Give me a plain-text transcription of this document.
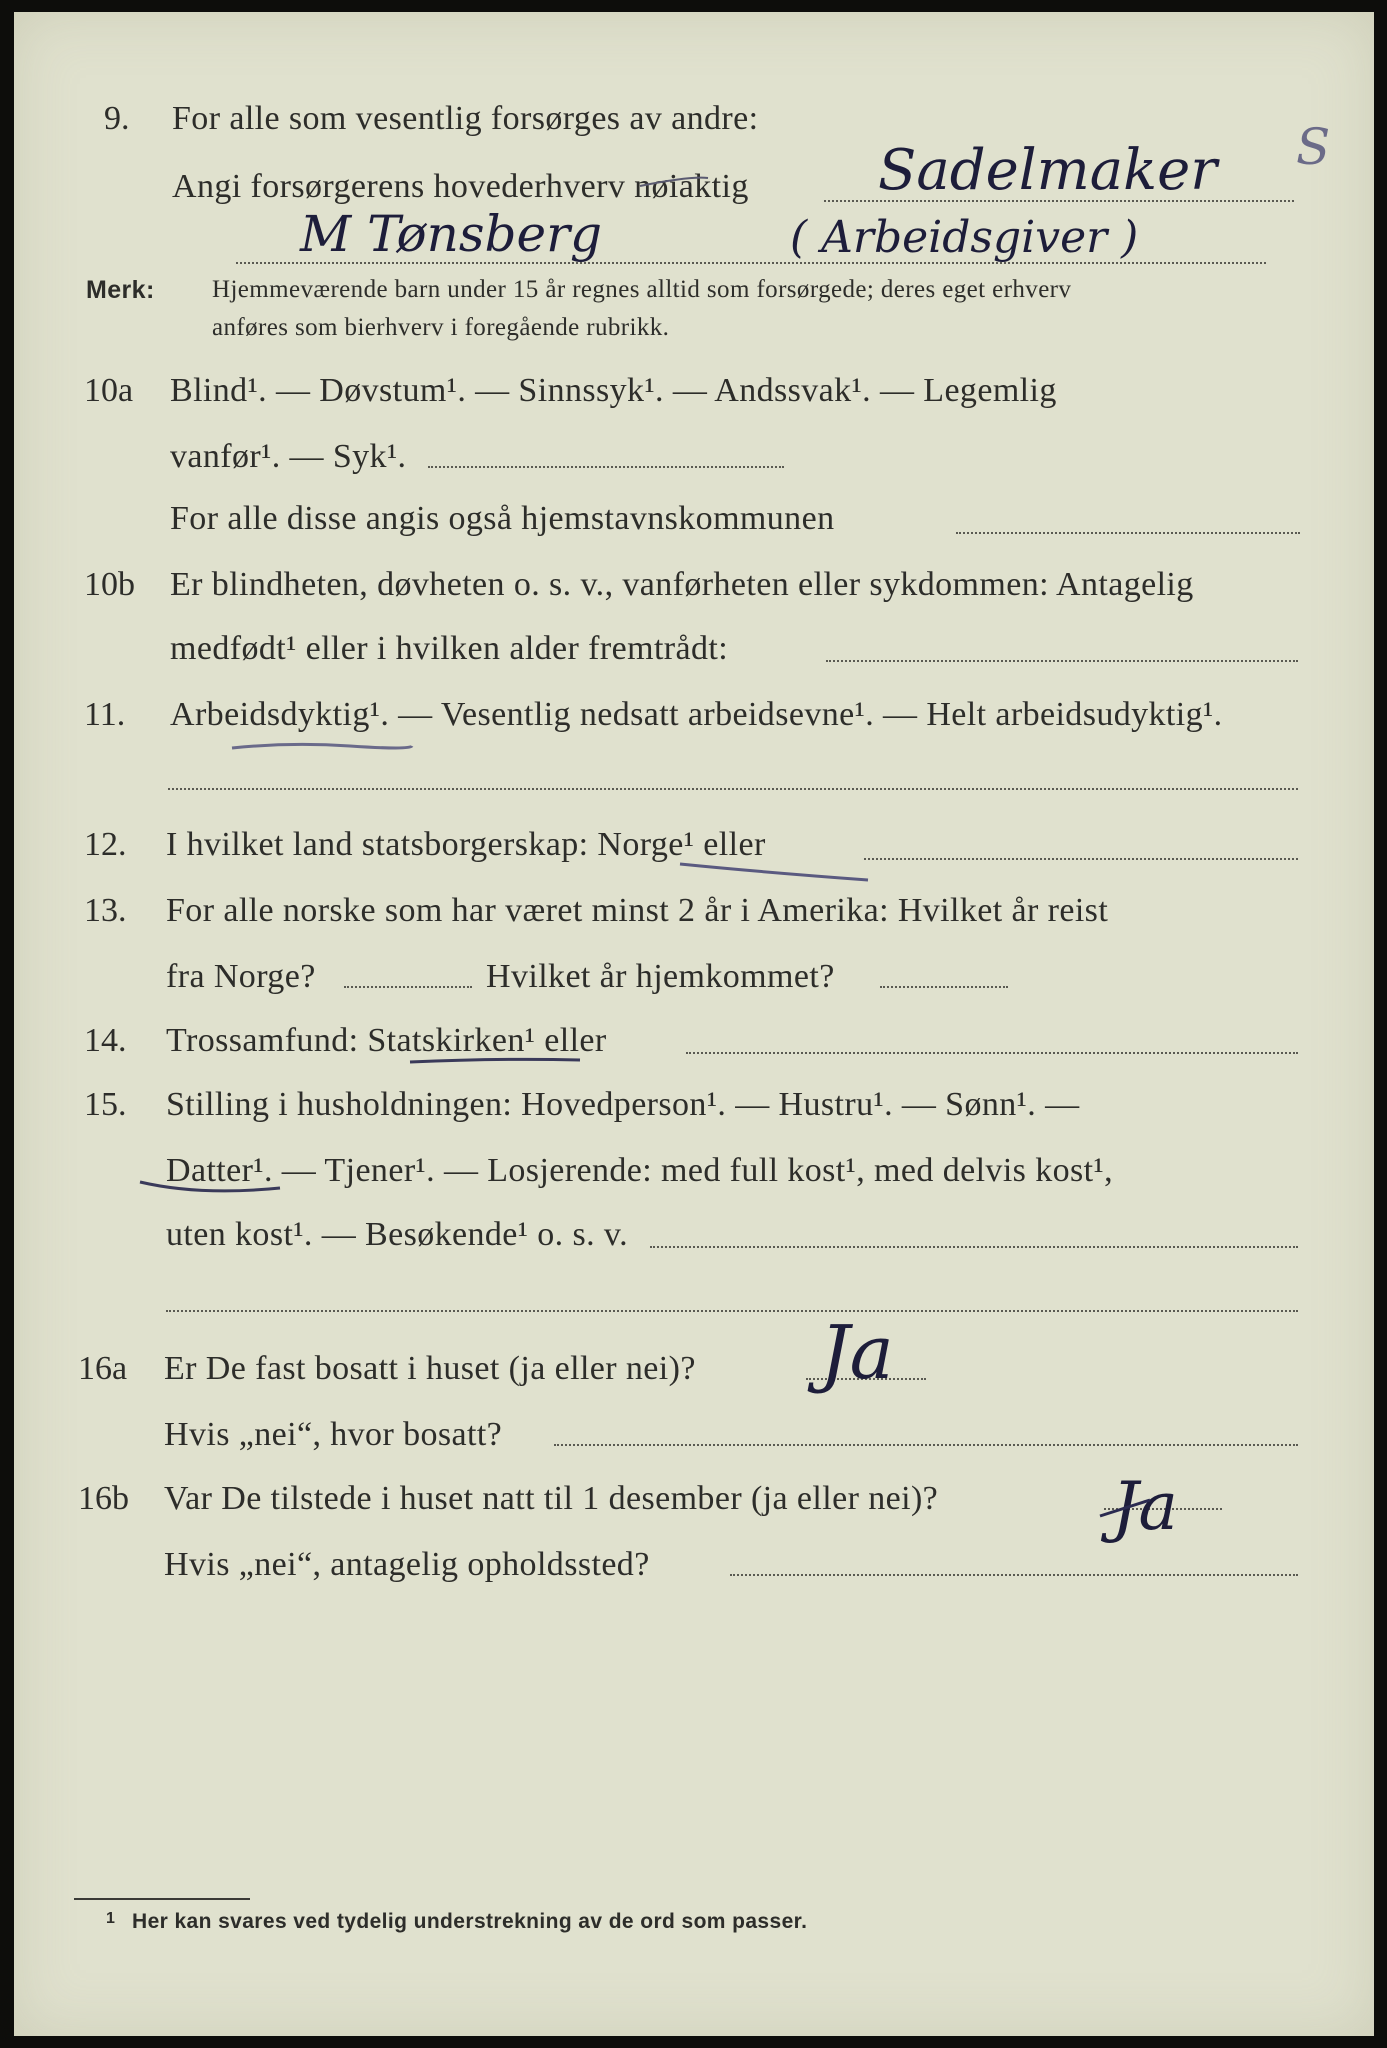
9. For alle som vesentlig forsørges av andre:
Angi forsørgerens hovederhverv nøiaktig Sadelmaker S
M Tønsberg	( Arbeidsgiver )
Merk: Hjemmeværende barn under 15 år regnes alltid som forsørgede; deres eget erhverv
anføres som bierhverv i foregående rubrikk.
10a Blind¹. — Døvstum¹. — Sinnssyk¹. — Andssvak¹. — Legemlig
vanfør¹. — Syk¹.
For alle disse angis også hjemstavnskommunen
10b Er blindheten, døvheten o. s. v., vanførheten eller sykdommen: Antagelig
medfødt¹ eller i hvilken alder fremtrådt:
11. Arbeidsdyktig¹. — Vesentlig nedsatt arbeidsevne¹. — Helt arbeidsudyktig¹.
12. I hvilket land statsborgerskap: Norge¹ eller
13. For alle norske som har været minst 2 år i Amerika: Hvilket år reist
fra Norge?	Hvilket år hjemkommet?
14. Trossamfund: Statskirken¹ eller
15. Stilling i husholdningen: Hovedperson¹. — Hustru¹. — Sønn¹. —
Datter¹. — Tjener¹. — Losjerende: med full kost¹, med delvis kost¹,
uten kost¹. — Besøkende¹ o. s. v.
16a Er De fast bosatt i huset (ja eller nei)? Ja
Hvis „nei“, hvor bosatt?
16b Var De tilstede i huset natt til 1 desember (ja eller nei)?	Ja
Hvis „nei“, antagelig opholdssted?
1 Her kan svares ved tydelig understrekning av de ord som passer.
